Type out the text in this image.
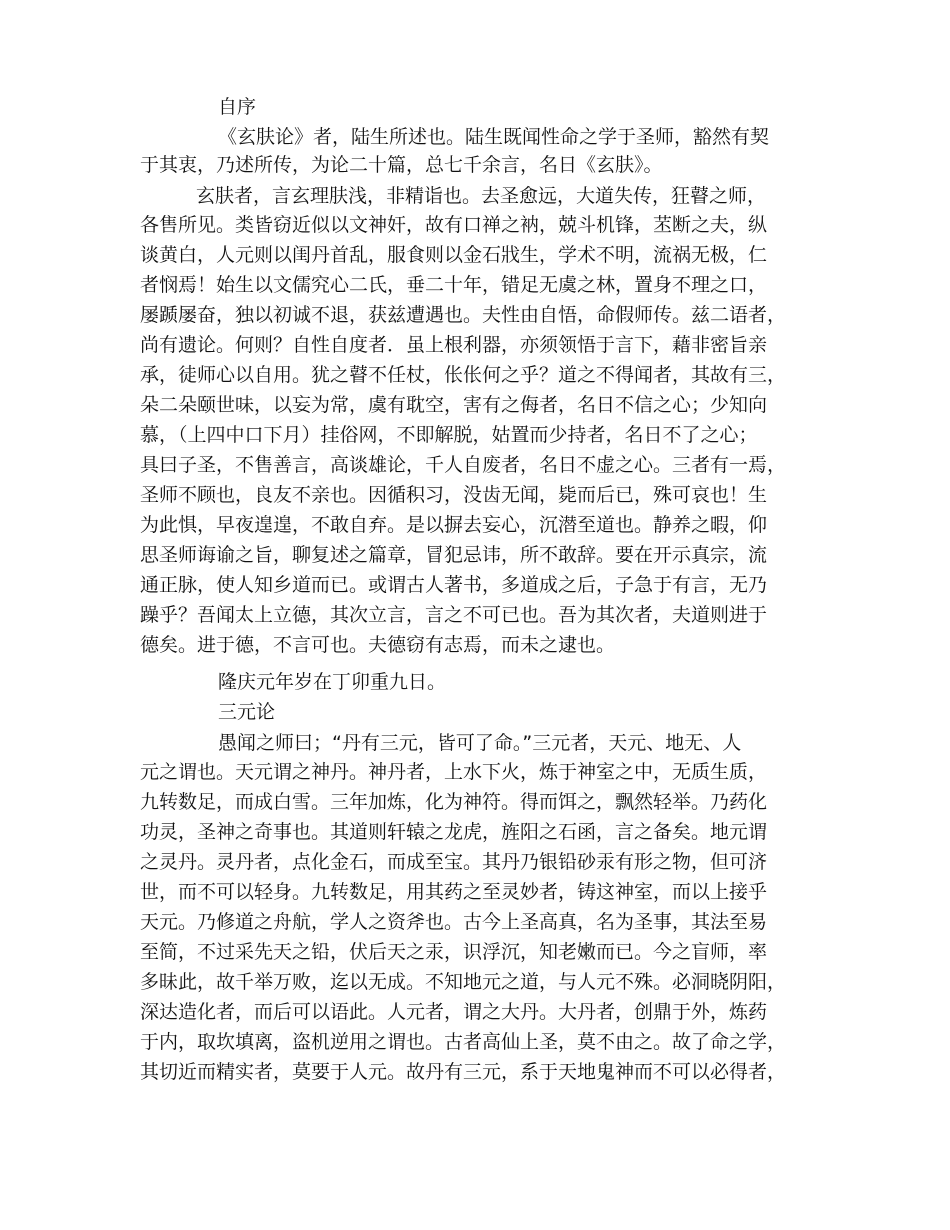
自序

《玄肤论》者，陆生所述也。陆生既闻性命之学于圣师，豁然有契

于其衷，乃述所传，为论二十篇，总七千余言，名日《玄肤》。

玄肤者，言玄理肤浅，非精诣也。去圣愈远，大道失传，狂瞽之师，

各售所见。类皆窃近似以文神奸，故有口禅之衲，兢斗机锋，苤断之夫，纵

谈黄白，人元则以闺丹首乱，服食则以金石戕生，学术不明，流祸无极，仁

者悯焉！始生以文儒究心二氏，垂二十年，错足无虞之林，置身不理之口，

屡踬屡奋，独以初诚不退，获兹遭遇也。夫性由自悟，命假师传。兹二语者，

尚有遗论。何则？自性自度者．虽上根利器，亦须领悟于言下，藉非密旨亲

承，徒师心以自用。犹之瞽不任杖，伥伥何之乎？道之不得闻者，其故有三，

朵二朵颐世味，以妄为常，虞有耽空，害有之侮者，名日不信之心；少知向

慕，（上四中口下月）挂俗网，不即解脱，姑置而少持者，名日不了之心；

具曰子圣，不售善言，高谈雄论，千人自废者，名日不虚之心。三者有一焉，

圣师不顾也，良友不亲也。因循积习，没齿无闻，毙而后已，殊可哀也！生

为此惧，早夜遑遑，不敢自弃。是以摒去妄心，沉潜至道也。静养之暇，仰

思圣师诲谕之旨，聊复述之篇章，冒犯忌讳，所不敢辞。要在开示真宗，流

通正脉，使人知乡道而已。或谓古人著书，多道成之后，子急于有言，无乃

躁乎？吾闻太上立德，其次立言，言之不可已也。吾为其次者，夫道则进于

德矣。进于德，不言可也。夫德窃有志焉，而未之逮也。

隆庆元年岁在丁卯重九日。

三元论

愚闻之师曰；“丹有三元，皆可了命。”三元者，天元、地无、人

元之谓也。天元谓之神丹。神丹者，上水下火，炼于神室之中，无质生质，

九转数足，而成白雪。三年加炼，化为神符。得而饵之，飘然轻举。乃药化

功灵，圣神之奇事也。其道则轩辕之龙虎，旌阳之石函，言之备矣。地元谓

之灵丹。灵丹者，点化金石，而成至宝。其丹乃银铅砂汞有形之物，但可济

世，而不可以轻身。九转数足，用其药之至灵妙者，铸这神室，而以上接乎

天元。乃修道之舟航，学人之资斧也。古今上圣高真，名为圣事，其法至易

至简，不过采先天之铅，伏后天之汞，识浮沉，知老嫩而已。今之盲师，率

多昧此，故千举万败，迄以无成。不知地元之道，与人元不殊。必洞晓阴阳，

深达造化者，而后可以语此。人元者，谓之大丹。大丹者，创鼎于外，炼药

于内，取坎填离，盗机逆用之谓也。古者高仙上圣，莫不由之。故了命之学，

其切近而精实者，莫要于人元。故丹有三元，系于天地鬼神而不可以必得者，
